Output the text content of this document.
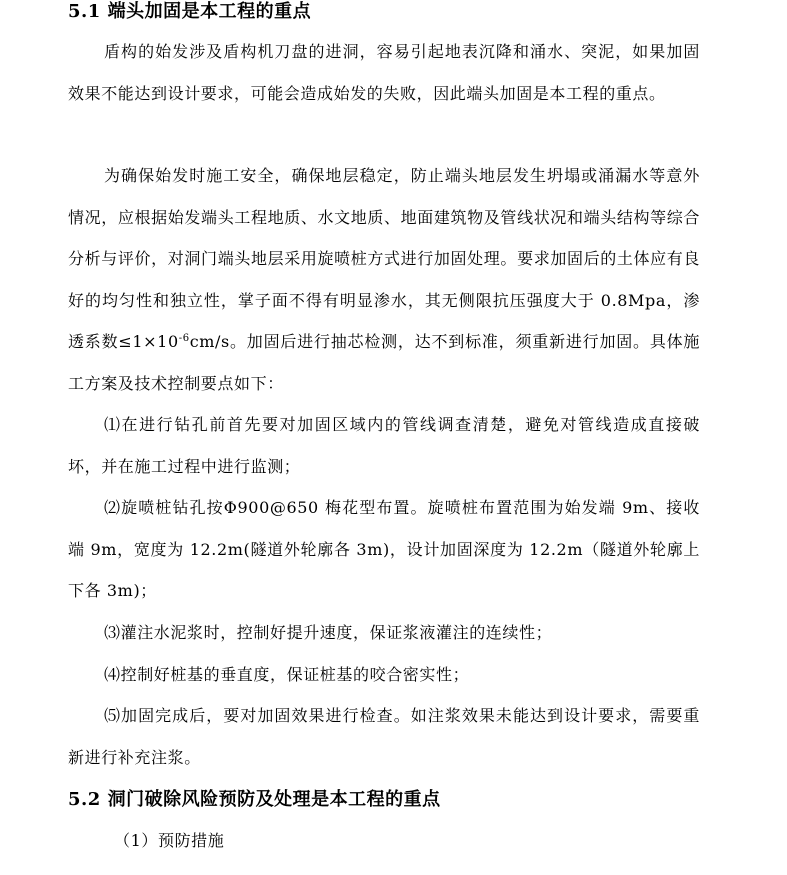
5.1 端头加固是本工程的重点
盾构的始发涉及盾构机刀盘的进洞，容易引起地表沉降和涌水、突泥，如果加固效果不能达到设计要求，可能会造成始发的失败，因此端头加固是本工程的重点。
为确保始发时施工安全，确保地层稳定，防止端头地层发生坍塌或涌漏水等意外情况，应根据始发端头工程地质、水文地质、地面建筑物及管线状况和端头结构等综合分析与评价，对洞门端头地层采用旋喷桩方式进行加固处理。要求加固后的土体应有良好的均匀性和独立性，掌子面不得有明显渗水，其无侧限抗压强度大于 0.8Mpa，渗透系数$\le 1\times 10^{-6}cm/s$。加固后进行抽芯检测，达不到标准，须重新进行加固。具体施工方案及技术控制要点如下：
⑴在进行钻孔前首先要对加固区域内的管线调查清楚，避免对管线造成直接破坏，并在施工过程中进行监测；
⑵旋喷桩钻孔按Φ900@650 梅花型布置。旋喷桩布置范围为始发端 9m、接收端 9m，宽度为 12.2m(隧道外轮廓各 3m)，设计加固深度为 12.2m（隧道外轮廓上下各 3m)；
⑶灌注水泥浆时，控制好提升速度，保证浆液灌注的连续性；
⑷控制好桩基的垂直度，保证桩基的咬合密实性；
⑸加固完成后，要对加固效果进行检查。如注浆效果未能达到设计要求，需要重新进行补充注浆。
5.2 洞门破除风险预防及处理是本工程的重点
（1）预防措施
